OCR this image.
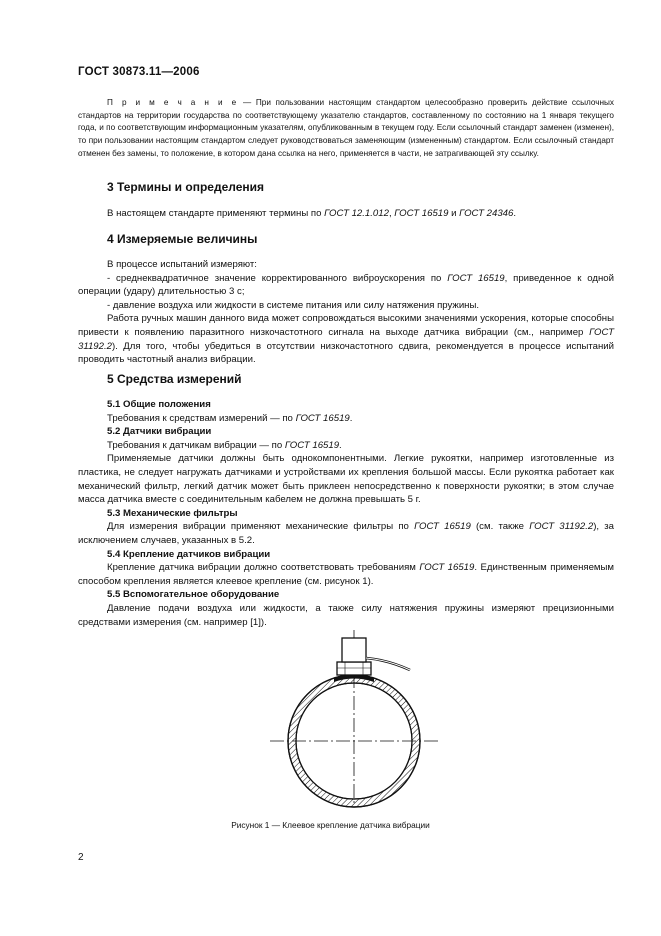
ГОСТ 30873.11—2006

П р и м е ч а н и е — При пользовании настоящим стандартом целесообразно проверить действие ссылочных стандартов на территории государства по соответствующему указателю стандартов, составленному по состоянию на 1 января текущего года, и по соответствующим информационным указателям, опубликованным в текущем году. Если ссылочный стандарт заменен (изменен), то при пользовании настоящим стандартом следует руководствоваться заменяющим (измененным) стандартом. Если ссылочный стандарт отменен без замены, то положение, в котором дана ссылка на него, применяется в части, не затрагивающей эту ссылку.

3 Термины и определения

В настоящем стандарте применяют термины по ГОСТ 12.1.012, ГОСТ 16519 и ГОСТ 24346.

4 Измеряемые величины

В процессе испытаний измеряют:

- среднеквадратичное значение корректированного виброускорения по ГОСТ 16519, приведенное к одной операции (удару) длительностью 3 с;

- давление воздуха или жидкости в системе питания или силу натяжения пружины.

Работа ручных машин данного вида может сопровождаться высокими значениями ускорения, которые способны привести к появлению паразитного низкочастотного сигнала на выходе датчика вибрации (см., например ГОСТ 31192.2). Для того, чтобы убедиться в отсутствии низкочастотного сдвига, рекомендуется в процессе испытаний проводить частотный анализ вибрации.

5 Средства измерений

5.1 Общие положения

Требования к средствам измерений — по ГОСТ 16519.

5.2 Датчики вибрации

Требования к датчикам вибрации — по ГОСТ 16519.

Применяемые датчики должны быть однокомпонентными. Легкие рукоятки, например изготовленные из пластика, не следует нагружать датчиками и устройствами их крепления большой массы. Если рукоятка работает как механический фильтр, легкий датчик может быть приклеен непосредственно к поверхности рукоятки; в этом случае масса датчика вместе с соединительным кабелем не должна превышать 5 г.

5.3 Механические фильтры

Для измерения вибрации применяют механические фильтры по ГОСТ 16519 (см. также ГОСТ 31192.2), за исключением случаев, указанных в 5.2.

5.4 Крепление датчиков вибрации

Крепление датчика вибрации должно соответствовать требованиям ГОСТ 16519. Единственным применяемым способом крепления является клеевое крепление (см. рисунок 1).

5.5 Вспомогательное оборудование

Давление подачи воздуха или жидкости, а также силу натяжения пружины измеряют прецизионными средствами измерения (см. например [1]).

Рисунок 1 — Клеевое крепление датчика вибрации
2
